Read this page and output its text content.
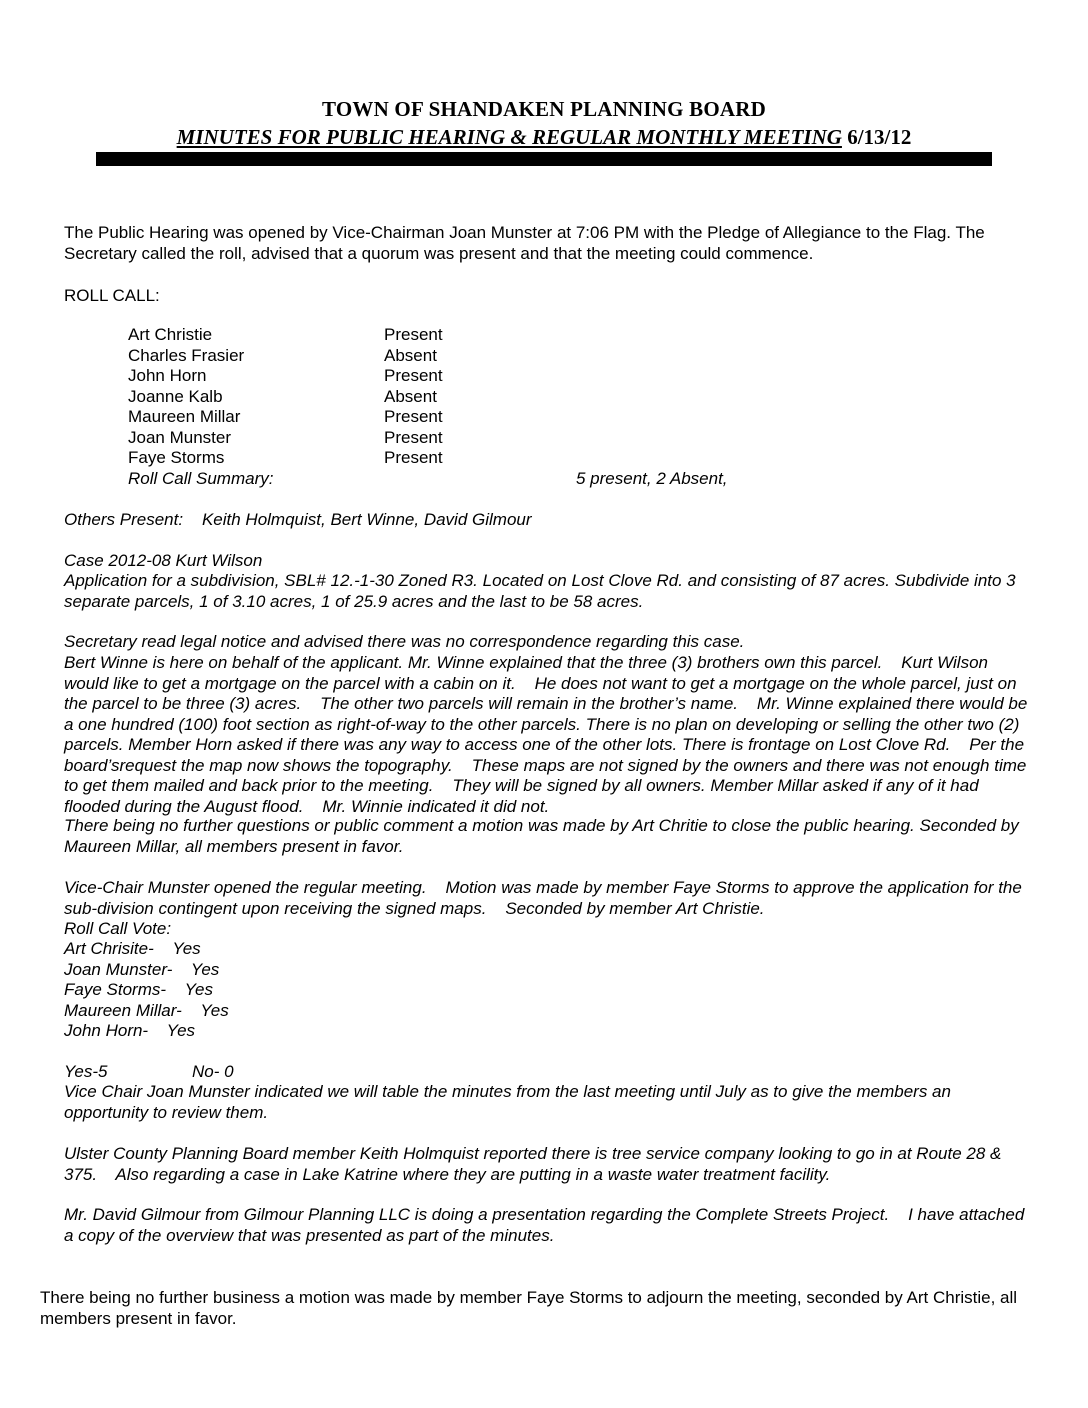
TOWN OF SHANDAKEN PLANNING BOARD
MINUTES FOR PUBLIC HEARING & REGULAR MONTHLY MEETING 6/13/12

The Public Hearing was opened by Vice-Chairman Joan Munster at 7:06 PM with the Pledge of Allegiance to the Flag. The Secretary called the roll, advised that a quorum was present and that the meeting could commence.

ROLL CALL:

Art Christie	Present
Charles Frasier	Absent
John Horn	Present
Joanne Kalb	Absent
Maureen Millar	Present
Joan Munster	Present
Faye Storms	Present
Roll Call Summary:	5 present, 2 Absent,

Others Present:    Keith Holmquist, Bert Winne, David Gilmour

Case 2012-08 Kurt Wilson

Application for a subdivision, SBL# 12.-1-30 Zoned R3. Located on Lost Clove Rd. and consisting of 87 acres. Subdivide into 3 separate parcels, 1 of 3.10 acres, 1 of 25.9 acres and the last to be 58 acres.

Secretary read legal notice and advised there was no correspondence regarding this case.

Bert Winne is here on behalf of the applicant. Mr. Winne explained that the three (3) brothers own this parcel.    Kurt Wilson would like to get a mortgage on the parcel with a cabin on it.    He does not want to get a mortgage on the whole parcel, just on the parcel to be three (3) acres.    The other two parcels will remain in the brother’s name.    Mr. Winne explained there would be a one hundred (100) foot section as right-of-way to the other parcels. There is no plan on developing or selling the other two (2) parcels. Member Horn asked if there was any way to access one of the other lots. There is frontage on Lost Clove Rd.    Per the board’srequest the map now shows the topography.    These maps are not signed by the owners and there was not enough time to get them mailed and back prior to the meeting.    They will be signed by all owners. Member Millar asked if any of it had flooded during the August flood.    Mr. Winnie indicated it did not.

There being no further questions or public comment a motion was made by Art Chritie to close the public hearing. Seconded by Maureen Millar, all members present in favor.

Vice-Chair Munster opened the regular meeting.    Motion was made by member Faye Storms to approve the application for the sub-division contingent upon receiving the signed maps.    Seconded by member Art Christie.

Roll Call Vote:

Art Chrisite-    Yes
Joan Munster-    Yes
Faye Storms-    Yes
Maureen Millar-    Yes
John Horn-    Yes
Yes-5	No- 0

Vice Chair Joan Munster indicated we will table the minutes from the last meeting until July as to give the members an opportunity to review them.

Ulster County Planning Board member Keith Holmquist reported there is tree service company looking to go in at Route 28 & 375.    Also regarding a case in Lake Katrine where they are putting in a waste water treatment facility.

Mr. David Gilmour from Gilmour Planning LLC is doing a presentation regarding the Complete Streets Project.    I have attached a copy of the overview that was presented as part of the minutes.

There being no further business a motion was made by member Faye Storms to adjourn the meeting, seconded by Art Christie, all members present in favor.
